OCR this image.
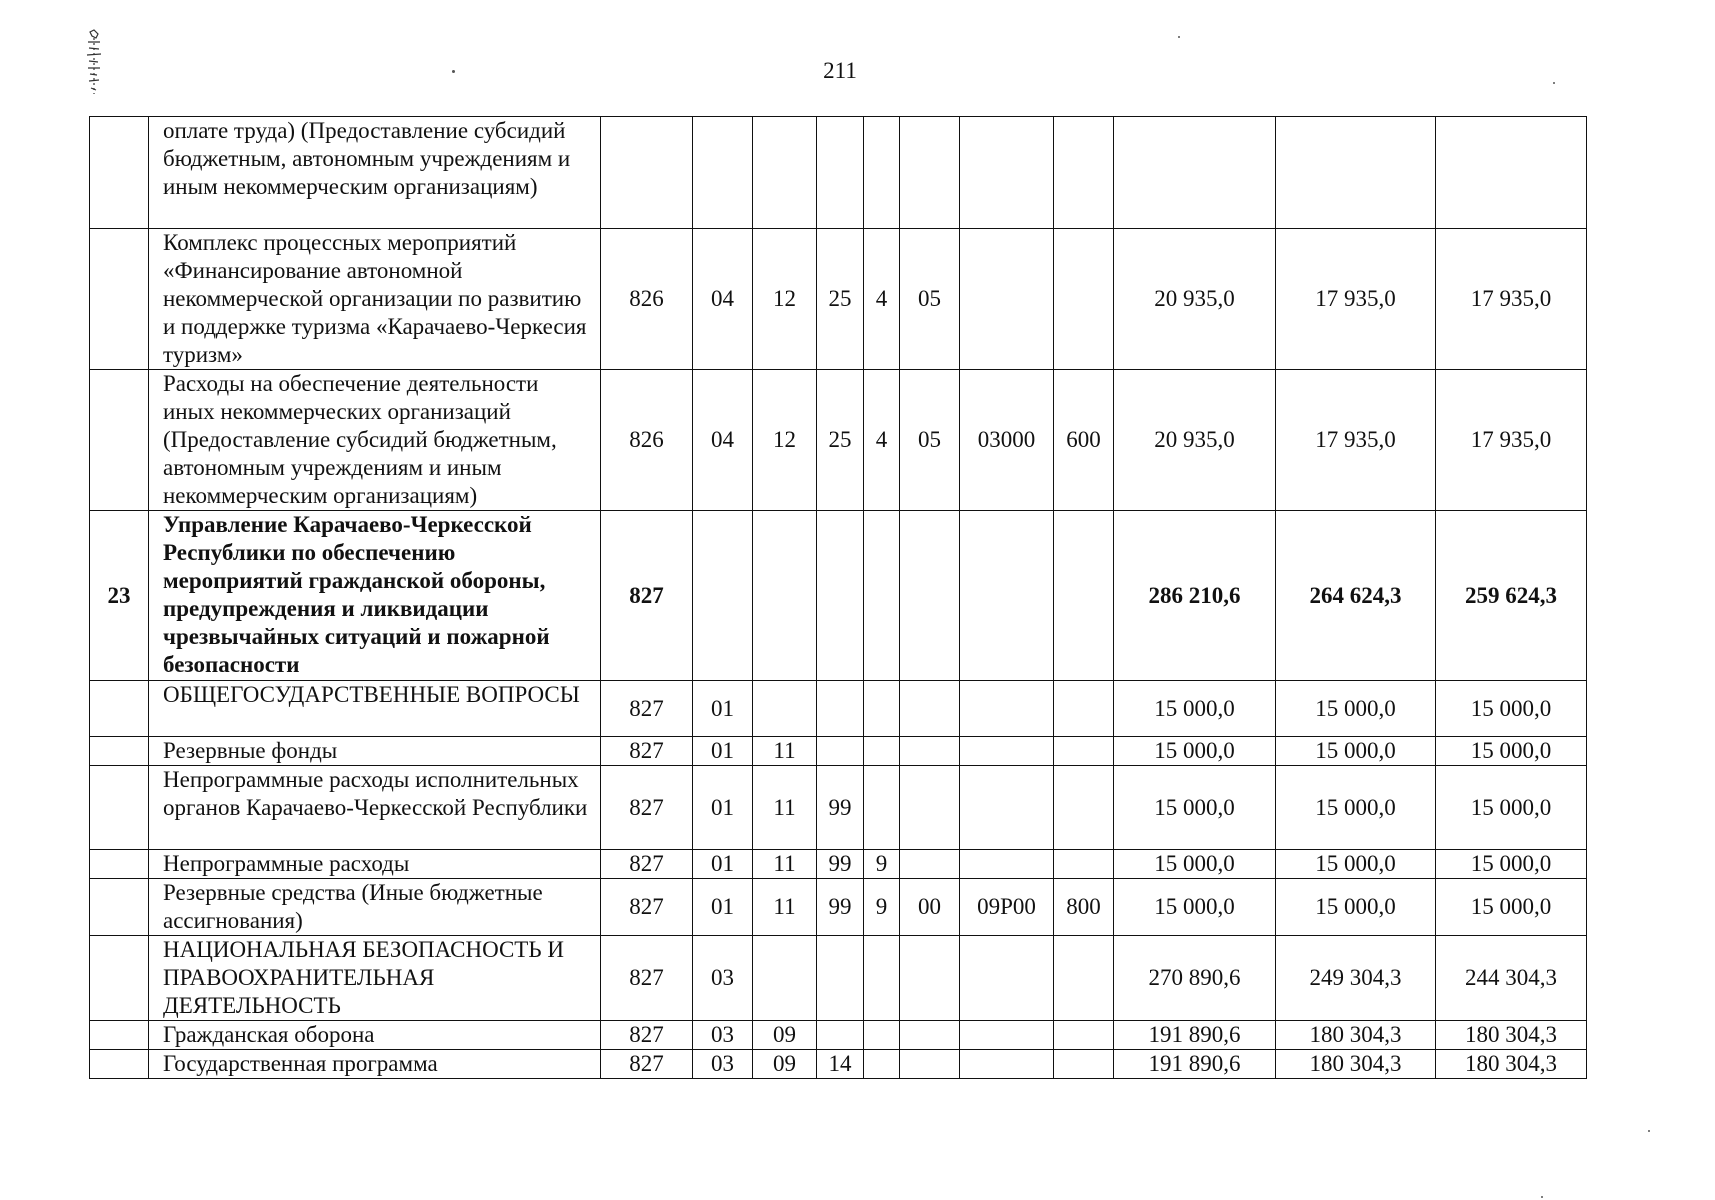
211
	оплате труда) (Предоставление субсидий бюджетным, автономным учреждениям и иным некоммерческим организациям)											
	Комплекс процессных мероприятий «Финансирование автономной некоммерческой организации по развитию и поддержке туризма «Карачаево-Черкесия туризм»	826	04	12	25	4	05			20 935,0	17 935,0	17 935,0
	Расходы на обеспечение деятельности иных некоммерческих организаций (Предоставление субсидий бюджетным, автономным учреждениям и иным некоммерческим организациям)	826	04	12	25	4	05	03000	600	20 935,0	17 935,0	17 935,0
23	Управление Карачаево-Черкесской Республики по обеспечению мероприятий гражданской обороны, предупреждения и ликвидации чрезвычайных ситуаций и пожарной безопасности	827								286 210,6	264 624,3	259 624,3
	ОБЩЕГОСУДАРСТВЕННЫЕ ВОПРОСЫ	827	01							15 000,0	15 000,0	15 000,0
	Резервные фонды	827	01	11						15 000,0	15 000,0	15 000,0
	Непрограммные расходы исполнительных органов Карачаево-Черкесской Республики	827	01	11	99					15 000,0	15 000,0	15 000,0
	Непрограммные расходы	827	01	11	99	9				15 000,0	15 000,0	15 000,0
	Резервные средства (Иные бюджетные ассигнования)	827	01	11	99	9	00	09Р00	800	15 000,0	15 000,0	15 000,0
	НАЦИОНАЛЬНАЯ БЕЗОПАСНОСТЬ И ПРАВООХРАНИТЕЛЬНАЯ ДЕЯТЕЛЬНОСТЬ	827	03							270 890,6	249 304,3	244 304,3
	Гражданская оборона	827	03	09						191 890,6	180 304,3	180 304,3
	Государственная программа	827	03	09	14					191 890,6	180 304,3	180 304,3
